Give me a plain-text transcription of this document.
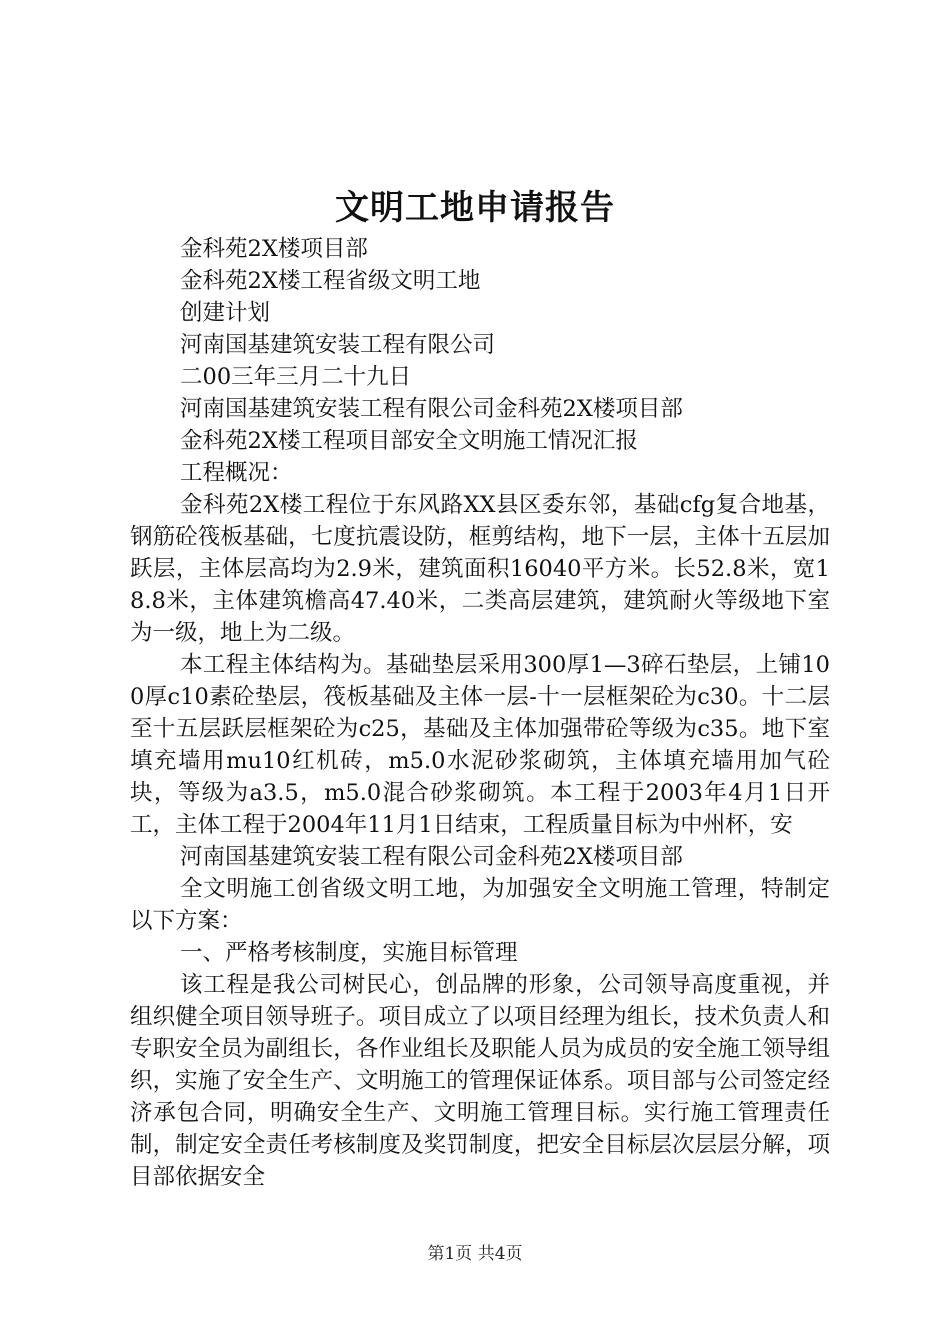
文明工地申请报告

金科苑2X楼项目部

金科苑2X楼工程省级文明工地

创建计划

河南国基建筑安装工程有限公司

二00三年三月二十九日

河南国基建筑安装工程有限公司金科苑2X楼项目部

金科苑2X楼工程项目部安全文明施工情况汇报

工程概况：

金科苑2X楼工程位于东风路XX县区委东邻，基础cfg复合地基，钢筋砼筏板基础，七度抗震设防，框剪结构，地下一层，主体十五层加跃层，主体层高均为2.9米，建筑面积16040平方米。长52.8米，宽18.8米，主体建筑檐高47.40米，二类高层建筑，建筑耐火等级地下室为一级，地上为二级。

本工程主体结构为。基础垫层采用300厚1—3碎石垫层，上铺100厚c10素砼垫层，筏板基础及主体一层-十一层框架砼为c30。十二层至十五层跃层框架砼为c25，基础及主体加强带砼等级为c35。地下室填充墙用mu10红机砖，m5.0水泥砂浆砌筑，主体填充墙用加气砼块，等级为a3.5，m5.0混合砂浆砌筑。本工程于2003年4月1日开工，主体工程于2004年11月1日结束，工程质量目标为中州杯，安

河南国基建筑安装工程有限公司金科苑2X楼项目部

全文明施工创省级文明工地，为加强安全文明施工管理，特制定以下方案：

一、严格考核制度，实施目标管理

该工程是我公司树民心，创品牌的形象，公司领导高度重视，并组织健全项目领导班子。项目成立了以项目经理为组长，技术负责人和专职安全员为副组长，各作业组长及职能人员为成员的安全施工领导组织，实施了安全生产、文明施工的管理保证体系。项目部与公司签定经济承包合同，明确安全生产、文明施工管理目标。实行施工管理责任制，制定安全责任考核制度及奖罚制度，把安全目标层次层层分解，项目部依据安全

第1页 共4页
